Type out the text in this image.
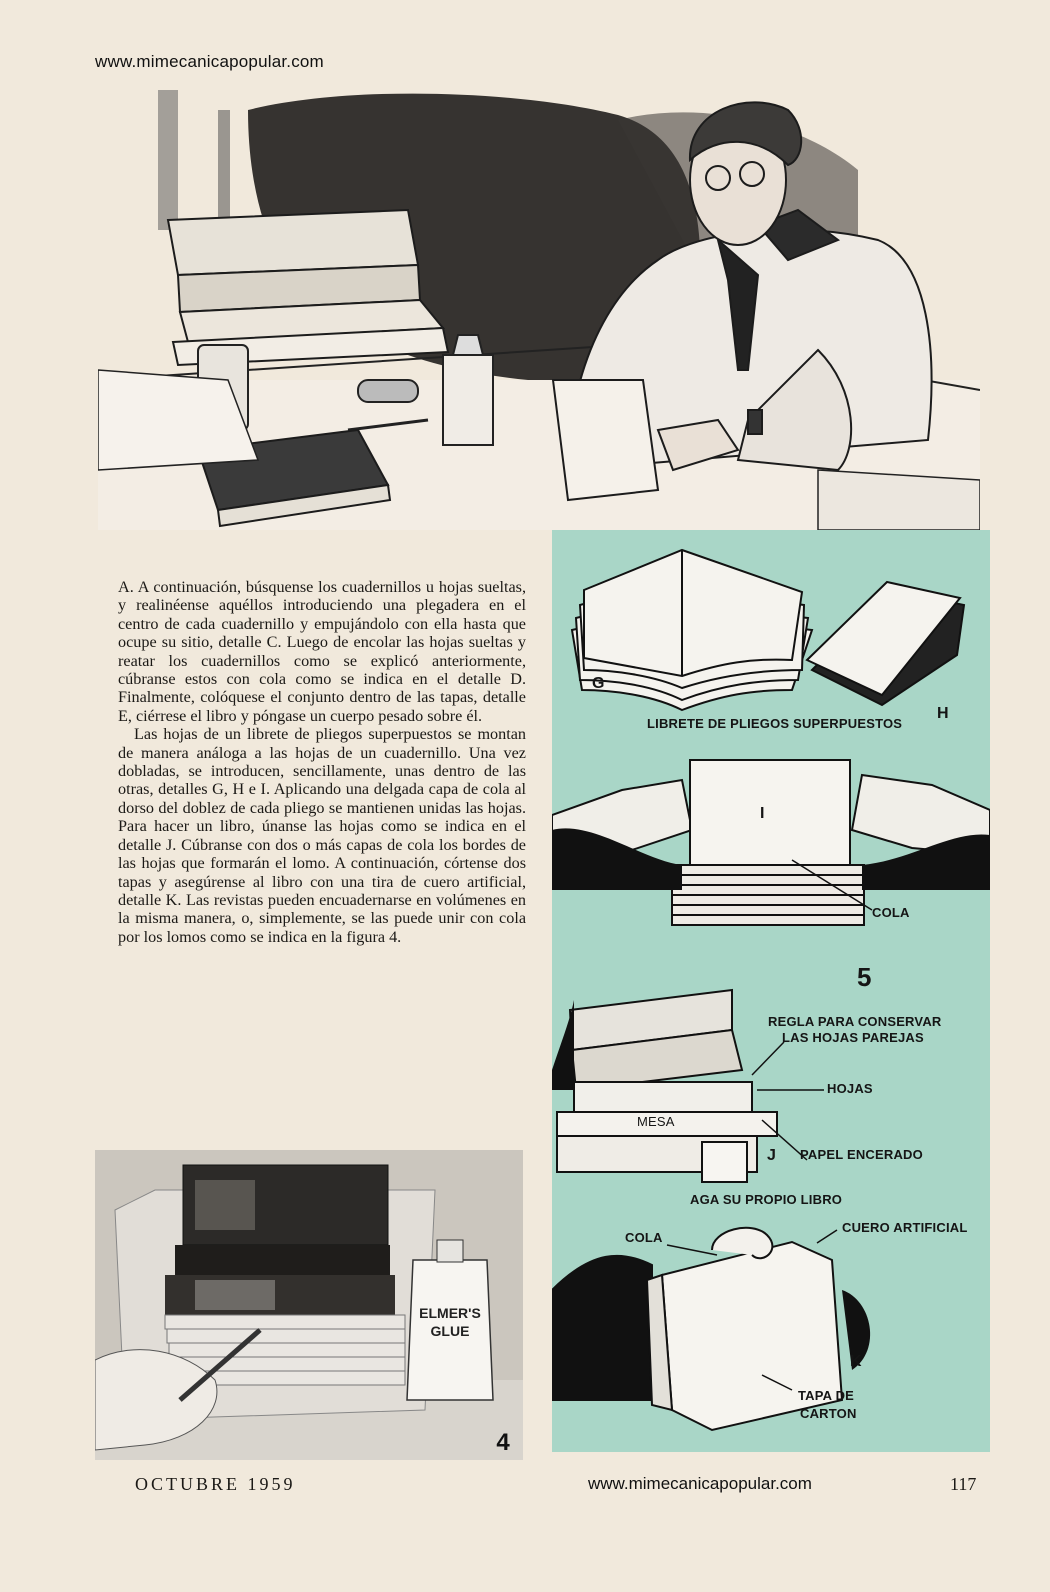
www.mimecanicapopular.com

A. A continuación, búsquense los cuadernillos u hojas sueltas, y realinéense aquéllos introduciendo una plegadera en el centro de cada cuadernillo y empujándolo con ella hasta que ocupe su sitio, detalle C. Luego de encolar las hojas sueltas y reatar los cuadernillos como se explicó anteriormente, cúbranse estos con cola como se indica en el detalle D. Finalmente, colóquese el conjunto dentro de las tapas, detalle E, ciérrese el libro y póngase un cuerpo pesado sobre él.

Las hojas de un librete de pliegos superpuestos se montan de manera análoga a las hojas de un cuadernillo. Una vez dobladas, se introducen, sencillamente, unas dentro de las otras, detalles G, H e I. Aplicando una delgada capa de cola al dorso del doblez de cada pliego se mantienen unidas las hojas. Para hacer un libro, únanse las hojas como se indica en el detalle J. Cúbranse con dos o más capas de cola los bordes de las hojas que formarán el lomo. A continuación, córtense dos tapas y asegúrense al libro con una tira de cuero artificial, detalle K. Las revistas pueden encuadernarse en volúmenes en la misma manera, o, simplemente, se las puede unir con cola por los lomos como se indica en la figura 4.

ELMER'S
GLUE
4
G
H
LIBRETE DE PLIEGOS SUPERPUESTOS
I
COLA
5
REGLA PARA CONSERVAR
LAS HOJAS PAREJAS
HOJAS
MESA
J PAPEL ENCERADO
AGA SU PROPIO LIBRO
COLA
CUERO ARTIFICIAL
K
TAPA DE
CARTON
OCTUBRE 1959	www.mimecanicapopular.com	117
